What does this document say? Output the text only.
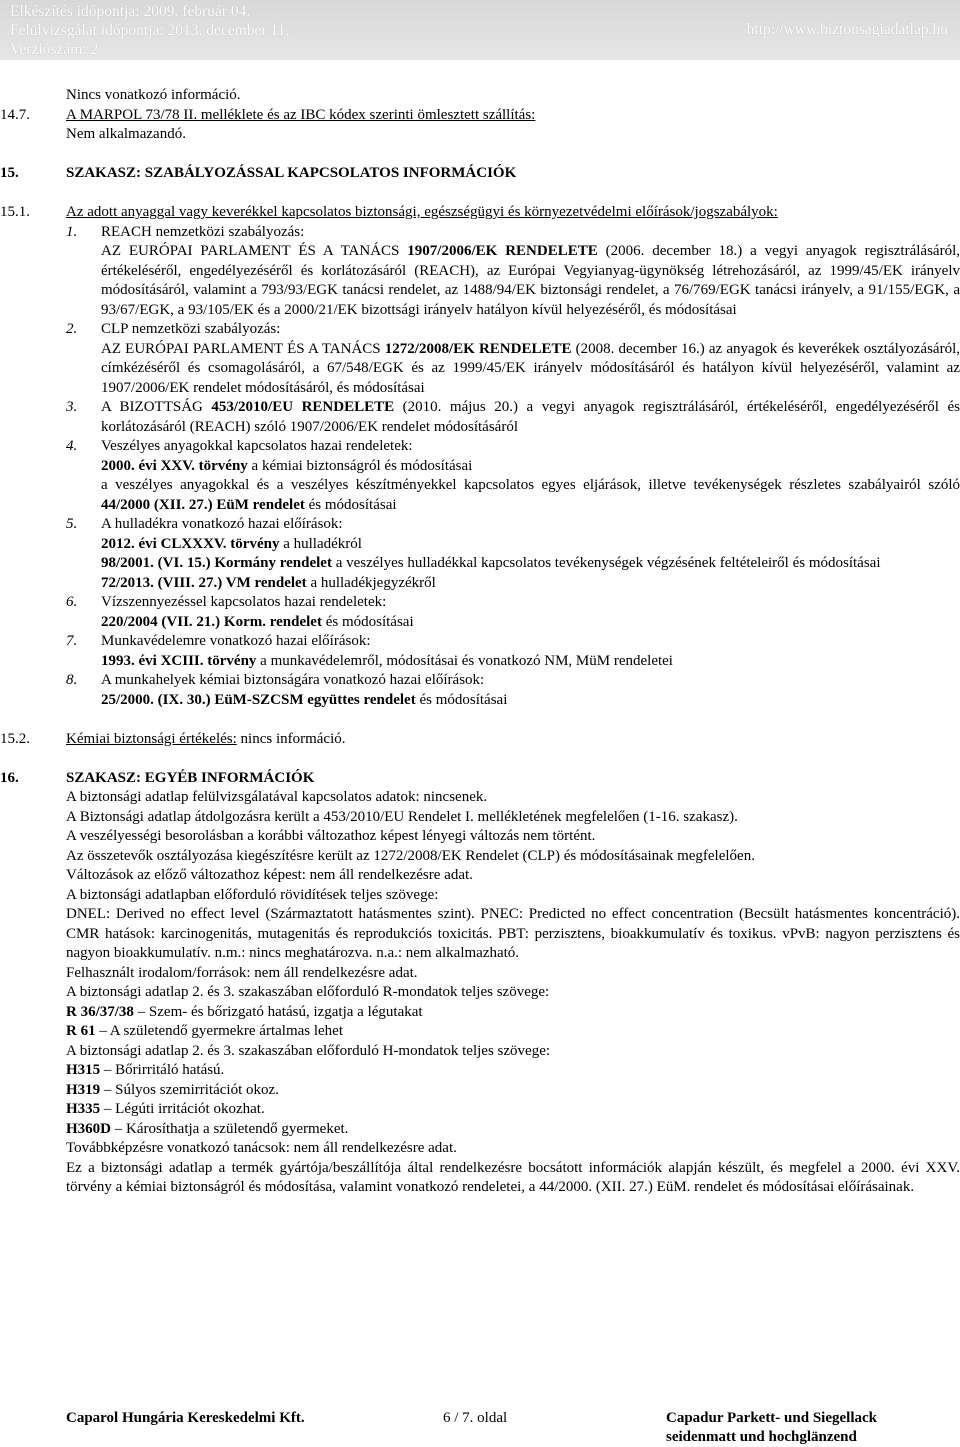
Elkészítés időpontja: 2009. február 04.
Felülvizsgálat időpontja: 2013. december 11.
Verziószám: 2
http://www.biztonsagiadatlap.hu
Nincs vonatkozó információ.
14.7. A MARPOL 73/78 II. melléklete és az IBC kódex szerinti ömlesztett szállítás:
Nem alkalmazandó.
15.	SZAKASZ: SZABÁLYOZÁSSAL KAPCSOLATOS INFORMÁCIÓK
15.1. Az adott anyaggal vagy keverékkel kapcsolatos biztonsági, egészségügyi és környezetvédelmi előírások/jogszabályok:
1. REACH nemzetközi szabályozás:
AZ EURÓPAI PARLAMENT ÉS A TANÁCS 1907/2006/EK RENDELETE (2006. december 18.) a vegyi anyagok regisztrálásáról, értékeléséről, engedélyezéséről és korlátozásáról (REACH), az Európai Vegyianyag-ügynökség létrehozásáról, az 1999/45/EK irányelv módosításáról, valamint a 793/93/EGK tanácsi rendelet, az 1488/94/EK biztonsági rendelet, a 76/769/EGK tanácsi irányelv, a 91/155/EGK, a 93/67/EGK, a 93/105/EK és a 2000/21/EK bizottsági irányelv hatályon kívül helyezéséről, és módosításai
2. CLP nemzetközi szabályozás:
AZ EURÓPAI PARLAMENT ÉS A TANÁCS 1272/2008/EK RENDELETE (2008. december 16.) az anyagok és keverékek osztályozásáról, címkézéséről és csomagolásáról, a 67/548/EGK és az 1999/45/EK irányelv módosításáról és hatályon kívül helyezéséről, valamint az 1907/2006/EK rendelet módosításáról, és módosításai
3. A BIZOTTSÁG 453/2010/EU RENDELETE (2010. május 20.) a vegyi anyagok regisztrálásáról, értékeléséről, engedélyezéséről és korlátozásáról (REACH) szóló 1907/2006/EK rendelet módosításáról
4. Veszélyes anyagokkal kapcsolatos hazai rendeletek:
2000. évi XXV. törvény a kémiai biztonságról és módosításai
a veszélyes anyagokkal és a veszélyes készítményekkel kapcsolatos egyes eljárások, illetve tevékenységek részletes szabályairól szóló 44/2000 (XII. 27.) EüM rendelet és módosításai
5. A hulladékra vonatkozó hazai előírások:
2012. évi CLXXXV. törvény a hulladékról
98/2001. (VI. 15.) Kormány rendelet a veszélyes hulladékkal kapcsolatos tevékenységek végzésének feltételeiről és módosításai
72/2013. (VIII. 27.) VM rendelet a hulladékjegyzékről
6. Vízszennyezéssel kapcsolatos hazai rendeletek:
220/2004 (VII. 21.) Korm. rendelet és módosításai
7. Munkavédelemre vonatkozó hazai előírások:
1993. évi XCIII. törvény a munkavédelemről, módosításai és vonatkozó NM, MüM rendeletei
8. A munkahelyek kémiai biztonságára vonatkozó hazai előírások:
25/2000. (IX. 30.) EüM-SZCSM együttes rendelet és módosításai
15.2. Kémiai biztonsági értékelés: nincs információ.
16.	SZAKASZ: EGYÉB INFORMÁCIÓK
A biztonsági adatlap felülvizsgálatával kapcsolatos adatok: nincsenek.
A Biztonsági adatlap átdolgozásra került a 453/2010/EU Rendelet I. mellékletének megfelelően (1-16. szakasz).
A veszélyességi besorolásban a korábbi változathoz képest lényegi változás nem történt.
Az összetevők osztályozása kiegészítésre került az 1272/2008/EK Rendelet (CLP) és módosításainak megfelelően.
Változások az előző változathoz képest: nem áll rendelkezésre adat.
A biztonsági adatlapban előforduló rövidítések teljes szövege:
DNEL: Derived no effect level (Származtatott hatásmentes szint). PNEC: Predicted no effect concentration (Becsült hatásmentes koncentráció). CMR hatások: karcinogenitás, mutagenitás és reprodukciós toxicitás. PBT: perzisztens, bioakkumulatív és toxikus. vPvB: nagyon perzisztens és nagyon bioakkumulatív. n.m.: nincs meghatározva. n.a.: nem alkalmazható.
Felhasznált irodalom/források: nem áll rendelkezésre adat.
A biztonsági adatlap 2. és 3. szakaszában előforduló R-mondatok teljes szövege:
R 36/37/38 – Szem- és bőrizgató hatású, izgatja a légutakat
R 61 – A születendő gyermekre ártalmas lehet
A biztonsági adatlap 2. és 3. szakaszában előforduló H-mondatok teljes szövege:
H315 – Bőrirritáló hatású.
H319 – Súlyos szemirritációt okoz.
H335 – Légúti irritációt okozhat.
H360D – Károsíthatja a születendő gyermeket.
Továbbképzésre vonatkozó tanácsok: nem áll rendelkezésre adat.
Ez a biztonsági adatlap a termék gyártója/beszállítója által rendelkezésre bocsátott információk alapján készült, és megfelel a 2000. évi XXV. törvény a kémiai biztonságról és módosítása, valamint vonatkozó rendeletei, a 44/2000. (XII. 27.) EüM. rendelet és módosításai előírásainak.
Caparol Hungária Kereskedelmi Kft.	6 / 7. oldal	Capadur Parkett- und Siegellack
seidenmatt und hochglänzend
